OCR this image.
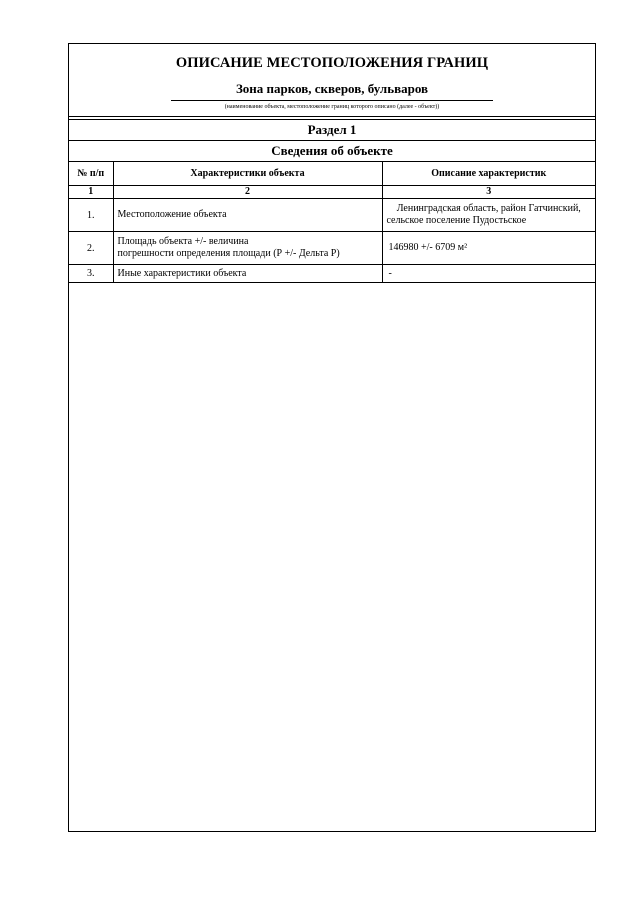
ОПИСАНИЕ МЕСТОПОЛОЖЕНИЯ ГРАНИЦ
Зона парков, скверов, бульваров
(наименование объекта, местоположение границ которого описано (далее - объект))
Раздел 1
Сведения об объекте
№ п/п	Характеристики объекта	Описание характеристик
1	2	3
1.	Местоположение объекта	Ленинградская область, район Гатчинский,
сельское поселение Пудостьское

2.	Площадь объекта +/- величина
погрешности определения площади (Р +/- Дельта Р)	146980 +/- 6709 м²

3.	Иные характеристики объекта	-
